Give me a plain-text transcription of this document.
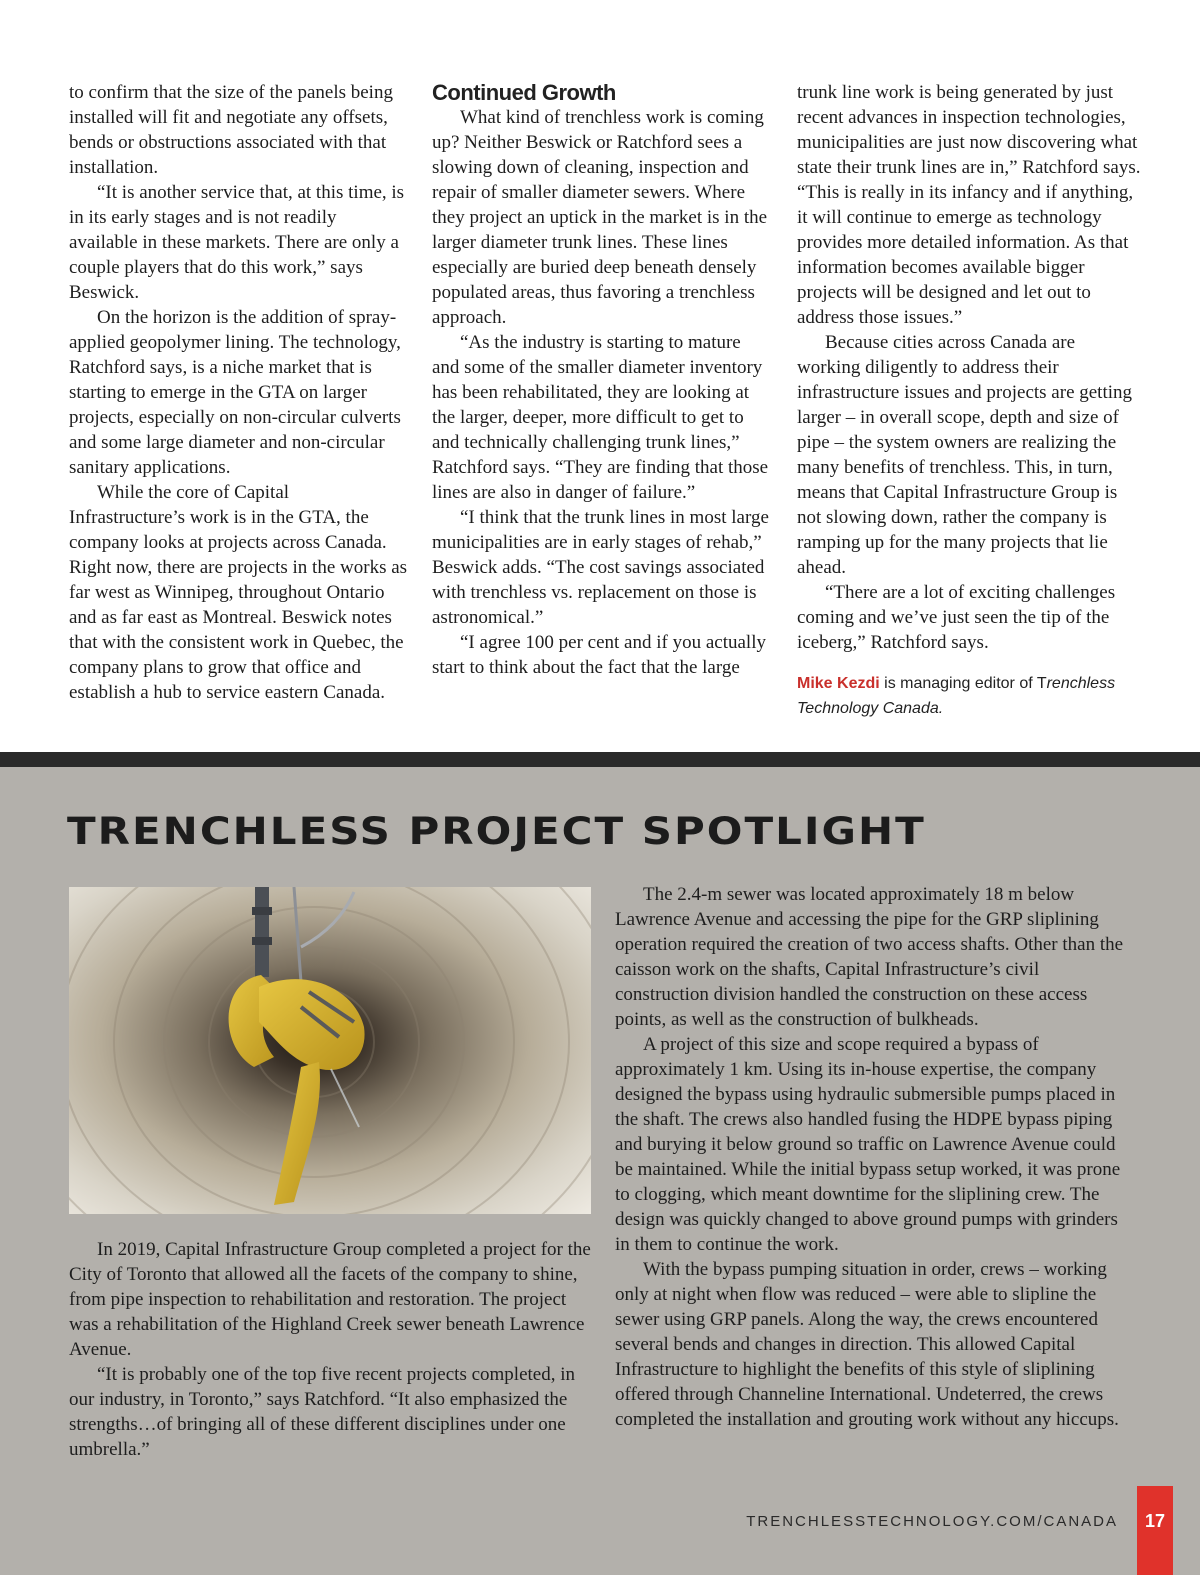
to confirm that the size of the panels being installed will fit and negotiate any offsets, bends or obstructions associated with that installation.

“It is another service that, at this time, is in its early stages and is not readily available in these markets. There are only a couple players that do this work,” says Beswick.

On the horizon is the addition of spray-applied geopolymer lining. The technology, Ratchford says, is a niche market that is starting to emerge in the GTA on larger projects, especially on non-circular culverts and some large diameter and non-circular sanitary applications.

While the core of Capital Infrastructure’s work is in the GTA, the company looks at projects across Canada. Right now, there are projects in the works as far west as Winnipeg, throughout Ontario and as far east as Montreal. Beswick notes that with the consistent work in Quebec, the company plans to grow that office and establish a hub to service eastern Canada.

Continued Growth

What kind of trenchless work is coming up? Neither Beswick or Ratchford sees a slowing down of cleaning, inspection and repair of smaller diameter sewers. Where they project an uptick in the market is in the larger diameter trunk lines. These lines especially are buried deep beneath densely populated areas, thus favoring a trenchless approach.

“As the industry is starting to mature and some of the smaller diameter inventory has been rehabilitated, they are looking at the larger, deeper, more difficult to get to and technically challenging trunk lines,” Ratchford says. “They are finding that those lines are also in danger of failure.”

“I think that the trunk lines in most large municipalities are in early stages of rehab,” Beswick adds. “The cost savings associated with trenchless vs. replacement on those is astronomical.”

“I agree 100 per cent and if you actually start to think about the fact that the large

trunk line work is being generated by just recent advances in inspection technologies, municipalities are just now discovering what state their trunk lines are in,” Ratchford says. “This is really in its infancy and if anything, it will continue to emerge as technology provides more detailed information. As that information becomes available bigger projects will be designed and let out to address those issues.”

Because cities across Canada are working diligently to address their infrastructure issues and projects are getting larger – in overall scope, depth and size of pipe – the system owners are realizing the many benefits of trenchless. This, in turn, means that Capital Infrastructure Group is not slowing down, rather the company is ramping up for the many projects that lie ahead.

“There are a lot of exciting challenges coming and we’ve just seen the tip of the iceberg,” Ratchford says.

Mike Kezdi is managing editor of Trenchless Technology Canada.

TRENCHLESS PROJECT SPOTLIGHT

In 2019, Capital Infrastructure Group completed a project for the City of Toronto that allowed all the facets of the company to shine, from pipe inspection to rehabilitation and restoration. The project was a rehabilitation of the Highland Creek sewer beneath Lawrence Avenue.

“It is probably one of the top five recent projects completed, in our industry, in Toronto,” says Ratchford. “It also emphasized the strengths…of bringing all of these different disciplines under one umbrella.”

The 2.4-m sewer was located approximately 18 m below Lawrence Avenue and accessing the pipe for the GRP sliplining operation required the creation of two access shafts. Other than the caisson work on the shafts, Capital Infrastructure’s civil construction division handled the construction on these access points, as well as the construction of bulkheads.

A project of this size and scope required a bypass of approximately 1 km. Using its in-house expertise, the company designed the bypass using hydraulic submersible pumps placed in the shaft. The crews also handled fusing the HDPE bypass piping and burying it below ground so traffic on Lawrence Avenue could be maintained. While the initial bypass setup worked, it was prone to clogging, which meant downtime for the sliplining crew. The design was quickly changed to above ground pumps with grinders in them to continue the work.

With the bypass pumping situation in order, crews – working only at night when flow was reduced – were able to slipline the sewer using GRP panels. Along the way, the crews encountered several bends and changes in direction. This allowed Capital Infrastructure to highlight the benefits of this style of sliplining offered through Channeline International. Undeterred, the crews completed the installation and grouting work without any hiccups.

TRENCHLESSTECHNOLOGY.COM/CANADA	17
